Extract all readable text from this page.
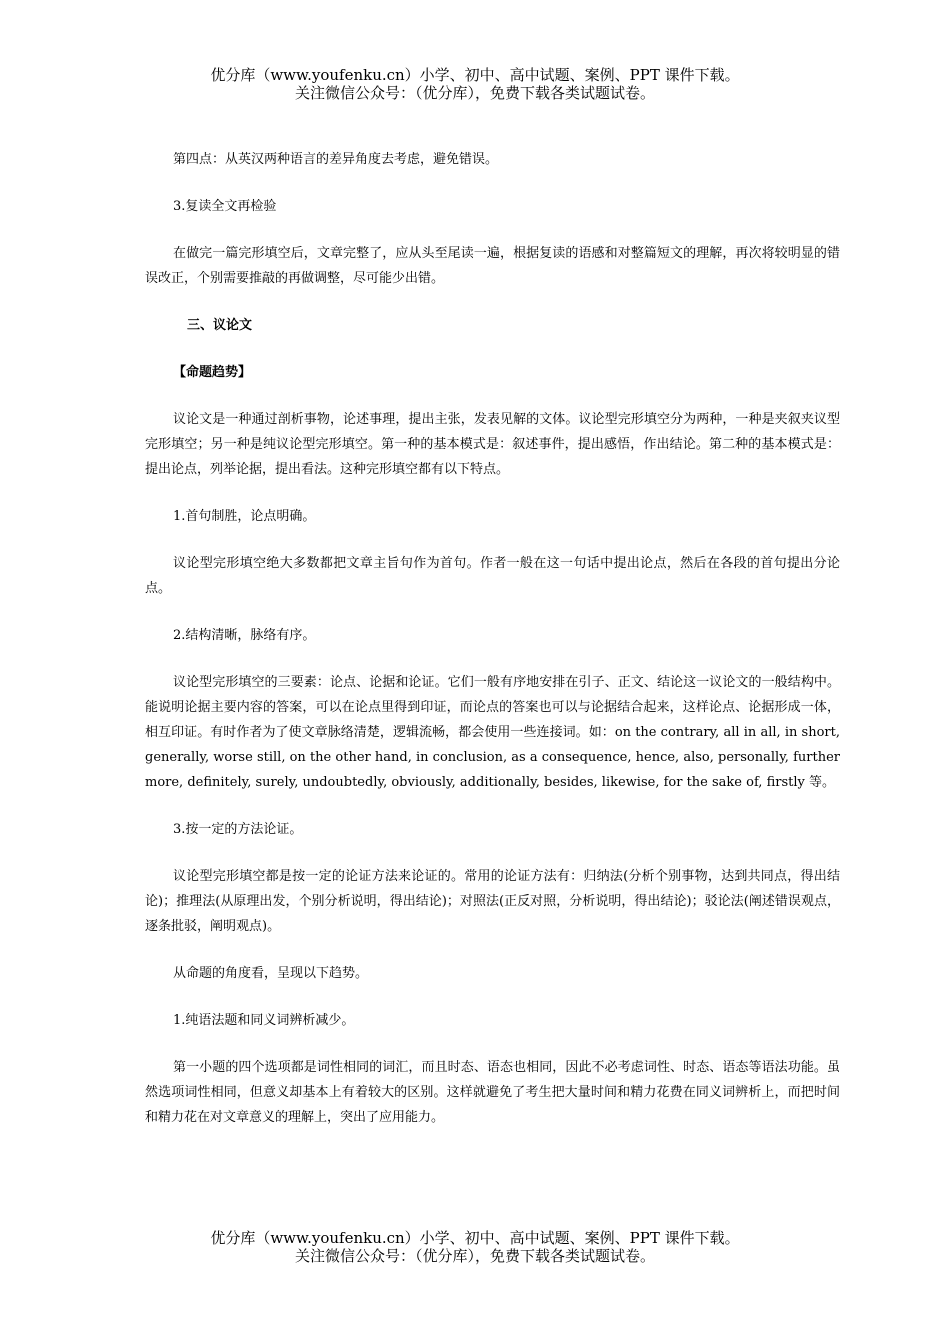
优分库（www.youfenku.cn）小学、初中、高中试题、案例、PPT 课件下载。
关注微信公众号：（优分库），免费下载各类试题试卷。

第四点：从英汉两种语言的差异角度去考虑，避免错误。

3.复读全文再检验

在做完一篇完形填空后，文章完整了，应从头至尾读一遍，根据复读的语感和对整篇短文的理解，再次将较明显的错误改正，个别需要推敲的再做调整，尽可能少出错。

三、议论文

【命题趋势】

议论文是一种通过剖析事物，论述事理，提出主张，发表见解的文体。议论型完形填空分为两种，一种是夹叙夹议型完形填空；另一种是纯议论型完形填空。第一种的基本模式是：叙述事件，提出感悟，作出结论。第二种的基本模式是：提出论点，列举论据，提出看法。这种完形填空都有以下特点。

1.首句制胜，论点明确。

议论型完形填空绝大多数都把文章主旨句作为首句。作者一般在这一句话中提出论点，然后在各段的首句提出分论点。

2.结构清晰，脉络有序。

议论型完形填空的三要素：论点、论据和论证。它们一般有序地安排在引子、正文、结论这一议论文的一般结构中。能说明论据主要内容的答案，可以在论点里得到印证，而论点的答案也可以与论据结合起来，这样论点、论据形成一体，相互印证。有时作者为了使文章脉络清楚，逻辑流畅，都会使用一些连接词。如：on the contrary, all in all, in short, generally, worse still, on the other hand, in conclusion, as a consequence, hence, also, personally, further more, definitely, surely, undoubtedly, obviously, additionally, besides, likewise, for the sake of, firstly 等。

3.按一定的方法论证。

议论型完形填空都是按一定的论证方法来论证的。常用的论证方法有：归纳法(分析个别事物，达到共同点，得出结论)；推理法(从原理出发，个别分析说明，得出结论)；对照法(正反对照，分析说明，得出结论)；驳论法(阐述错误观点，逐条批驳，阐明观点)。

从命题的角度看，呈现以下趋势。

1.纯语法题和同义词辨析减少。

第一小题的四个选项都是词性相同的词汇，而且时态、语态也相同，因此不必考虑词性、时态、语态等语法功能。虽然选项词性相同，但意义却基本上有着较大的区别。这样就避免了考生把大量时间和精力花费在同义词辨析上，而把时间和精力花在对文章意义的理解上，突出了应用能力。

优分库（www.youfenku.cn）小学、初中、高中试题、案例、PPT 课件下载。
关注微信公众号：（优分库），免费下载各类试题试卷。
